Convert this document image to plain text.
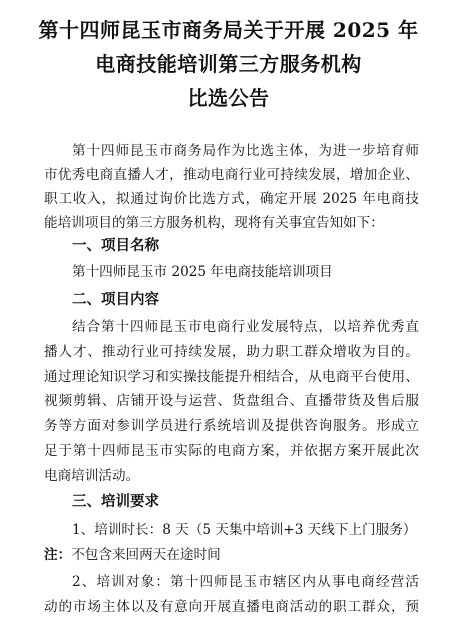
第十四师昆玉市商务局关于开展 2025 年
电商技能培训第三方服务机构
比选公告
第十四师昆玉市商务局作为比选主体，为进一步培育师
市优秀电商直播人才，推动电商行业可持续发展，增加企业、
职工收入，拟通过询价比选方式，确定开展 2025 年电商技
能培训项目的第三方服务机构，现将有关事宜告知如下：
一、项目名称
第十四师昆玉市 2025 年电商技能培训项目
二、项目内容
结合第十四师昆玉市电商行业发展特点，以培养优秀直
播人才、推动行业可持续发展，助力职工群众增收为目的。
通过理论知识学习和实操技能提升相结合，从电商平台使用、
视频剪辑、店铺开设与运营、货盘组合、直播带货及售后服
务等方面对参训学员进行系统培训及提供咨询服务。形成立
足于第十四师昆玉市实际的电商方案，并依据方案开展此次
电商培训活动。
三、培训要求
1、培训时长：8 天（5 天集中培训+3 天线下上门服务）
注：不包含来回两天在途时间
2、培训对象：第十四师昆玉市辖区内从事电商经营活
动的市场主体以及有意向开展直播电商活动的职工群众，预
